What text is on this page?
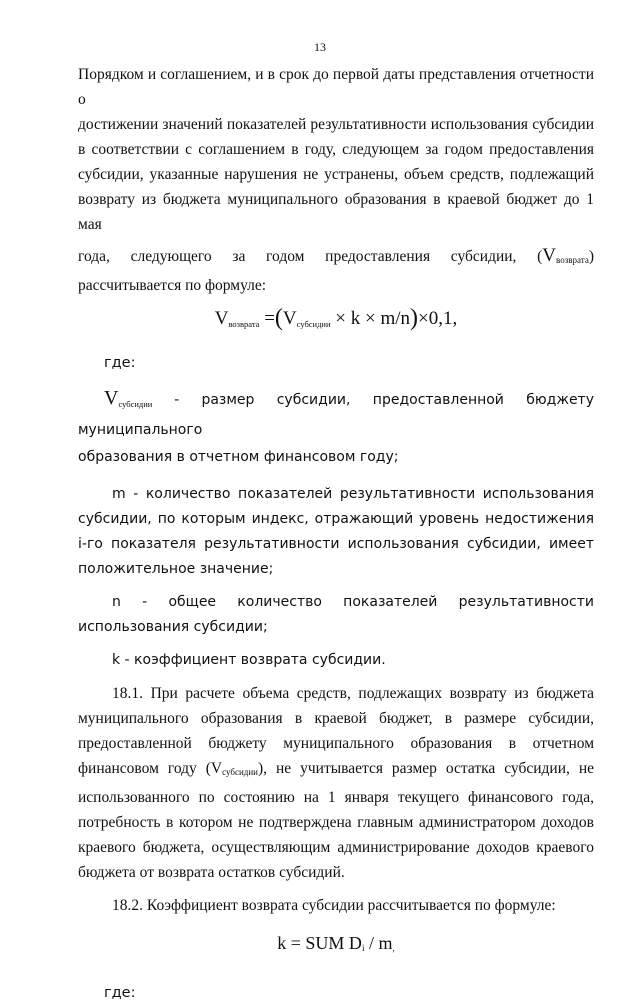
13

Порядком и соглашением, и в срок до первой даты представления отчетности о

достижении значений показателей результативности использования субсидии

в соответствии с соглашением в году, следующем за годом предоставления

субсидии, указанные нарушения не устранены, объем средств, подлежащий

возврату из бюджета муниципального образования в краевой бюджет до 1 мая

года, следующего за годом предоставления субсидии, (Vвозврата)

рассчитывается по формуле:

$V_{возврата} =(V_{субсидии} \times k \times m/n)\times 0,1$,

где:

$V_{субсидии}$ - размер субсидии, предоставленной бюджету муниципального

образования в отчетном финансовом году;

m - количество показателей результативности использования субсидии, по которым индекс, отражающий уровень недостижения i-го показателя результативности использования субсидии, имеет положительное значение;

n - общее количество показателей результативности использования субсидии;

k - коэффициент возврата субсидии.

18.1. При расчете объема средств, подлежащих возврату из бюджета муниципального образования в краевой бюджет, в размере субсидии, предоставленной бюджету муниципального образования в отчетном финансовом году (Vсубсидии), не учитывается размер остатка субсидии, не использованного по состоянию на 1 января текущего финансового года, потребность в котором не подтверждена главным администратором доходов краевого бюджета, осуществляющим администрирование доходов краевого бюджета от возврата остатков субсидий.

18.2. Коэффициент возврата субсидии рассчитывается по формуле:

k = SUM Di / m,

где:
